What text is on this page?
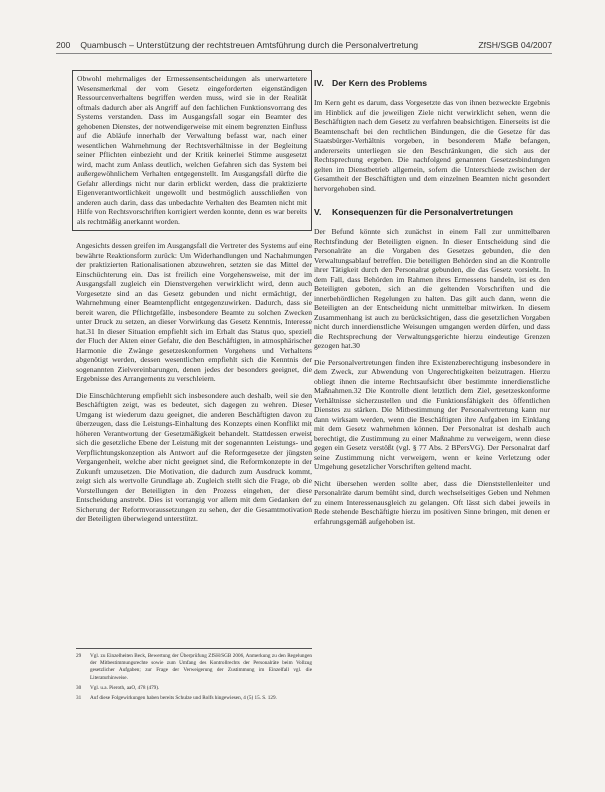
200 Quambusch – Unterstützung der rechtstreuen Amtsführung durch die Personalvertretung	ZfSH/SGB 04/2007

Obwohl mehrmaliges der Ermessensentscheidungen als unerwartetere Wesensmerkmal der vom Gesetz eingeforderten eigenständigen Ressourcenverhaltens begriffen werden muss, wird sie in der Realität oftmals dadurch aber als Angriff auf den fachlichen Funktionsvorrang des Systems verstanden. Dass im Ausgangsfall sogar ein Beamter des gehobenen Dienstes, der notwendigerweise mit einem begrenzten Einfluss auf die Abläufe innerhalb der Verwaltung befasst war, nach einer wesentlichen Wahrnehmung der Rechtsverhältnisse in der Begleitung seiner Pflichten einbezieht und der Kritik keinerlei Stimme ausgesetzt wird, macht zum Anlass deutlich, welchen Gefahren sich das System bei außergewöhnlichem Verhalten entgegenstellt. Im Ausgangsfall dürfte die Gefahr allerdings nicht nur darin erblickt werden, dass die praktizierte Eigenverantwortlichkeit ungewollt und bestmöglich ausschließen von anderen auch darin, dass das unbedachte Verhalten des Beamten nicht mit Hilfe von Rechtsvorschriften korrigiert werden konnte, denn es war bereits als rechtmäßig anerkannt worden.

Angesichts dessen greifen im Ausgangsfall die Vertreter des Systems auf eine bewährte Reaktionsform zurück: Um Widerhandlungen und Nachahmungen der praktizierten Rationalisationen abzuwehren, setzten sie das Mittel der Einschüchterung ein. Das ist freilich eine Vorgehensweise, mit der im Ausgangsfall zugleich ein Dienstvergehen verwirklicht wird, denn auch Vorgesetzte sind an das Gesetz gebunden und nicht ermächtigt, der Wahrnehmung einer Beamtenpflicht entgegenzuwirken. Dadurch, dass sie bereit waren, die Pflichtgefälle, insbesondere Beamte zu solchen Zwecken unter Druck zu setzen, an dieser Vorwirkung das Gesetz Kenntnis, Interesse hat.31 In dieser Situation empfiehlt sich im Erhalt das Status quo, speziell der Fluch der Akten einer Gefahr, die den Beschäftigten, in atmosphärischer Harmonie die Zwänge gesetzeskonformen Vorgehens und Verhaltens abgenötigt werden, dessen wesentlichen empfiehlt sich die Kenntnis der sogenannten Zielvereinbarungen, denen jedes der besonders geeignet, die Ergebnisse des Arrangements zu verschleiern.

Die Einschüchterung empfiehlt sich insbesondere auch deshalb, weil sie den Beschäftigten zeigt, was es bedeutet, sich dagegen zu wehren. Dieser Umgang ist wiederum dazu geeignet, die anderen Beschäftigten davon zu überzeugen, dass die Leistungs-Einhaltung des Konzepts einen Konflikt mit höheren Verantwortung der Gesetzmäßigkeit behandelt. Stattdessen erweist sich die gesetzliche Ebene der Leistung mit der sogenannten Leistungs- und Verpflichtungskonzeption als Antwort auf die Reformgesetze der jüngsten Vergangenheit, welche aber nicht geeignet sind, die Reformkonzepte in der Zukunft umzusetzen. Die Motivation, die dadurch zum Ausdruck kommt, zeigt sich als wertvolle Grundlage ab. Zugleich stellt sich die Frage, ob die Vorstellungen der Beteiligten in den Prozess eingehen, der diese Entscheidung anstrebt. Dies ist vorrangig vor allem mit dem Gedanken der Sicherung der Reformvoraussetzungen zu sehen, der die Gesamtmotivation der Beteiligten überwiegend unterstützt.

IV. Der Kern des Problems

Im Kern geht es darum, dass Vorgesetzte das von ihnen bezweckte Ergebnis im Hinblick auf die jeweiligen Ziele nicht verwirklicht sehen, wenn die Beschäftigten nach dem Gesetz zu verfahren beabsichtigen. Einerseits ist die Beamtenschaft bei den rechtlichen Bindungen, die die Gesetze für das Staatsbürger-Verhältnis vorgeben, in besonderem Maße befangen, andererseits unterliegen sie den Beschränkungen, die sich aus der Rechtsprechung ergeben. Die nachfolgend genannten Gesetzesbindungen gelten im Dienstbetrieb allgemein, sofern die Unterschiede zwischen der Gesamtheit der Beschäftigten und dem einzelnen Beamten nicht gesondert hervorgehoben sind.

V. Konsequenzen für die Personalvertretungen

Der Befund könnte sich zunächst in einem Fall zur unmittelbaren Rechtsfindung der Beteiligten eignen. In dieser Entscheidung sind die Personalräte an die Vorgaben des Gesetzes gebunden, die den Verwaltungsablauf betreffen. Die beteiligten Behörden sind an die Kontrolle ihrer Tätigkeit durch den Personalrat gebunden, die das Gesetz vorsieht. In dem Fall, dass Behörden im Rahmen ihres Ermessens handeln, ist es den Beteiligten geboten, sich an die geltenden Vorschriften und die innerbehördlichen Regelungen zu halten. Das gilt auch dann, wenn die Beteiligten an der Entscheidung nicht unmittelbar mitwirken. In diesem Zusammenhang ist auch zu berücksichtigen, dass die gesetzlichen Vorgaben nicht durch innerdienstliche Weisungen umgangen werden dürfen, und dass die Rechtsprechung der Verwaltungsgerichte hierzu eindeutige Grenzen gezogen hat.30

Die Personalvertretungen finden ihre Existenzberechtigung insbesondere in dem Zweck, zur Abwendung von Ungerechtigkeiten beizutragen. Hierzu obliegt ihnen die interne Rechtsaufsicht über bestimmte innerdienstliche Maßnahmen.32 Die Kontrolle dient letztlich dem Ziel, gesetzeskonforme Verhältnisse sicherzustellen und die Funktionsfähigkeit des öffentlichen Dienstes zu stärken. Die Mitbestimmung der Personalvertretung kann nur dann wirksam werden, wenn die Beschäftigten ihre Aufgaben im Einklang mit dem Gesetz wahrnehmen können. Der Personalrat ist deshalb auch berechtigt, die Zustimmung zu einer Maßnahme zu verweigern, wenn diese gegen ein Gesetz verstößt (vgl. § 77 Abs. 2 BPersVG). Der Personalrat darf seine Zustimmung nicht verweigern, wenn er keine Verletzung oder Umgehung gesetzlicher Vorschriften geltend macht.

Nicht übersehen werden sollte aber, dass die Dienststellenleiter und Personalräte darum bemüht sind, durch wechselseitiges Geben und Nehmen zu einem Interessenausgleich zu gelangen. Oft lässt sich dabei jeweils in Rede stehende Beschäftigte hierzu im positiven Sinne bringen, mit denen er erfahrungsgemäß aufgehoben ist.

29	Vgl. zu Einzelheiten Beck, Bewertung der Überprüfung ZfSH/SGB 2006, Anmerkung zu den Regelungen der Mitbestimmungsrechte sowie zum Umfang des Kontrollrechts der Personalräte beim Vollzug gesetzlicher Aufgaben; zur Frage der Verweigerung der Zustimmung im Einzelfall vgl. die Literaturhinweise.
30	Vgl. u.a. Pieroth, aaO, 478 (479).
31	Auf diese Folgewirkungen haben bereits Schulze und Rolfs hingewiesen, 4 (5) 15. S. 129.
